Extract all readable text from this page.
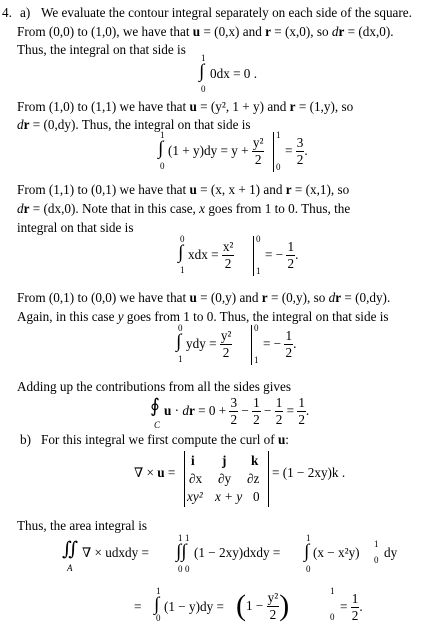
4. a) We evaluate the contour integral separately on each side of the square.
From (0,0) to (1,0), we have that u = (0,x) and r = (x,0), so dr = (dx,0).
Thus, the integral on that side is
1
∫
0
0dx = 0 .
From (1,0) to (1,1) we have that u = (y², 1 + y) and r = (1,y), so
dr = (0,dy). Thus, the integral on that side is
1
∫
0
(1 + y)dy = y +
$\frac{\text{y²}}{2}$
1
0
=
3
2
.
From (1,1) to (0,1) we have that u = (x, x + 1) and r = (x,1), so
dr = (dx,0). Note that in this case, x goes from 1 to 0. Thus, the
integral on that side is
0
∫
1
xdx =
$\frac{\text{x²}}{2}$
0
1
= −
$\frac{1}{2}$ .
From (0,1) to (0,0) we have that u = (0,y) and r = (0,y), so dr = (0,dy).
Again, in this case y goes from 1 to 0. Thus, the integral on that side is
0
∫
1
ydy =
$\frac{\text{y²}}{2}$
0
1
= −
$\frac{1}{2}$ .
Adding up the contributions from all the sides gives
∮
C
u
· dr = $0 + \frac{3}{2}$ −
1
2
−
1
2
=
1
2
.
b) For this integral we first compute the curl of u:
∇ × u =
i j k
∂x ∂y ∂z
xy² x + y 0
= (1 − 2xy)k .
Thus, the area integral is
∬
A
∇ × udxdy =
1 1
∫∫
0 0
(1 − 2xy)dxdy =
1
∫
0
(x − x²y)
1
0 dy
=
1
∫
0
(1 − y)dy = ( 1 −
$\frac{\text{y²}}{2}$ )	1
0
=
1
2
.
